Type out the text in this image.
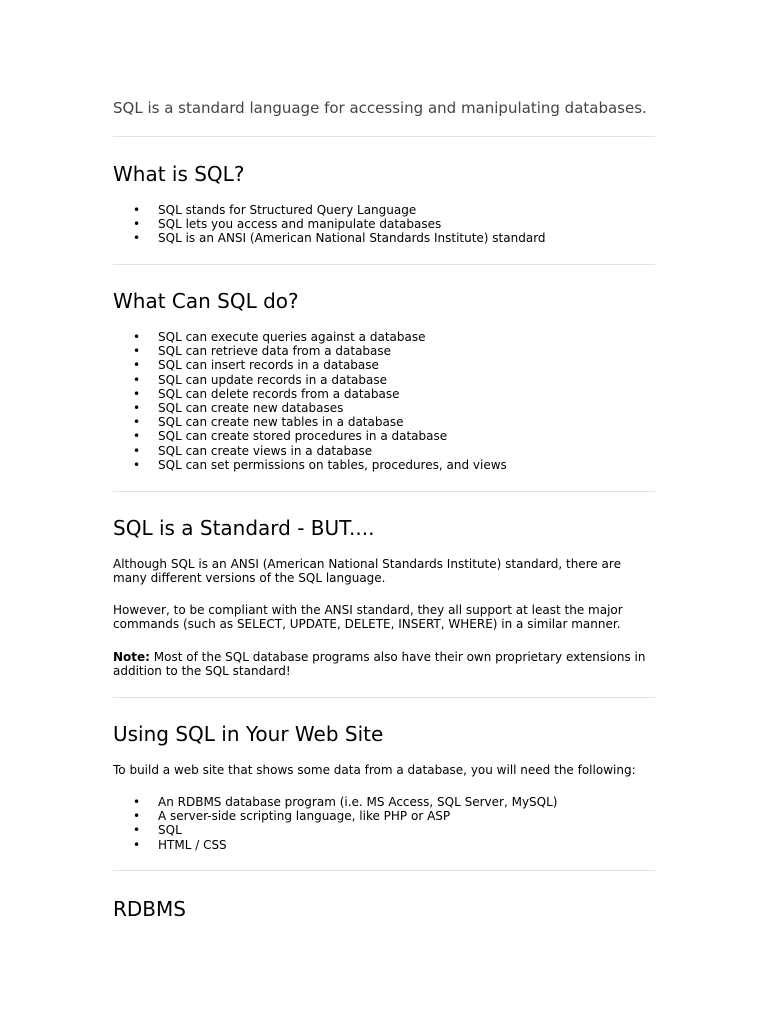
SQL is a standard language for accessing and manipulating databases.
What is SQL?
• SQL stands for Structured Query Language
• SQL lets you access and manipulate databases
• SQL is an ANSI (American National Standards Institute) standard
What Can SQL do?
• SQL can execute queries against a database
• SQL can retrieve data from a database
• SQL can insert records in a database
• SQL can update records in a database
• SQL can delete records from a database
• SQL can create new databases
• SQL can create new tables in a database
• SQL can create stored procedures in a database
• SQL can create views in a database
• SQL can set permissions on tables, procedures, and views
SQL is a Standard - BUT....

Although SQL is an ANSI (American National Standards Institute) standard, there are many different versions of the SQL language.

However, to be compliant with the ANSI standard, they all support at least the major commands (such as SELECT, UPDATE, DELETE, INSERT, WHERE) in a similar manner.

Note: Most of the SQL database programs also have their own proprietary extensions in addition to the SQL standard!

Using SQL in Your Web Site

To build a web site that shows some data from a database, you will need the following:

• An RDBMS database program (i.e. MS Access, SQL Server, MySQL)
• A server-side scripting language, like PHP or ASP
• SQL
• HTML / CSS
RDBMS
